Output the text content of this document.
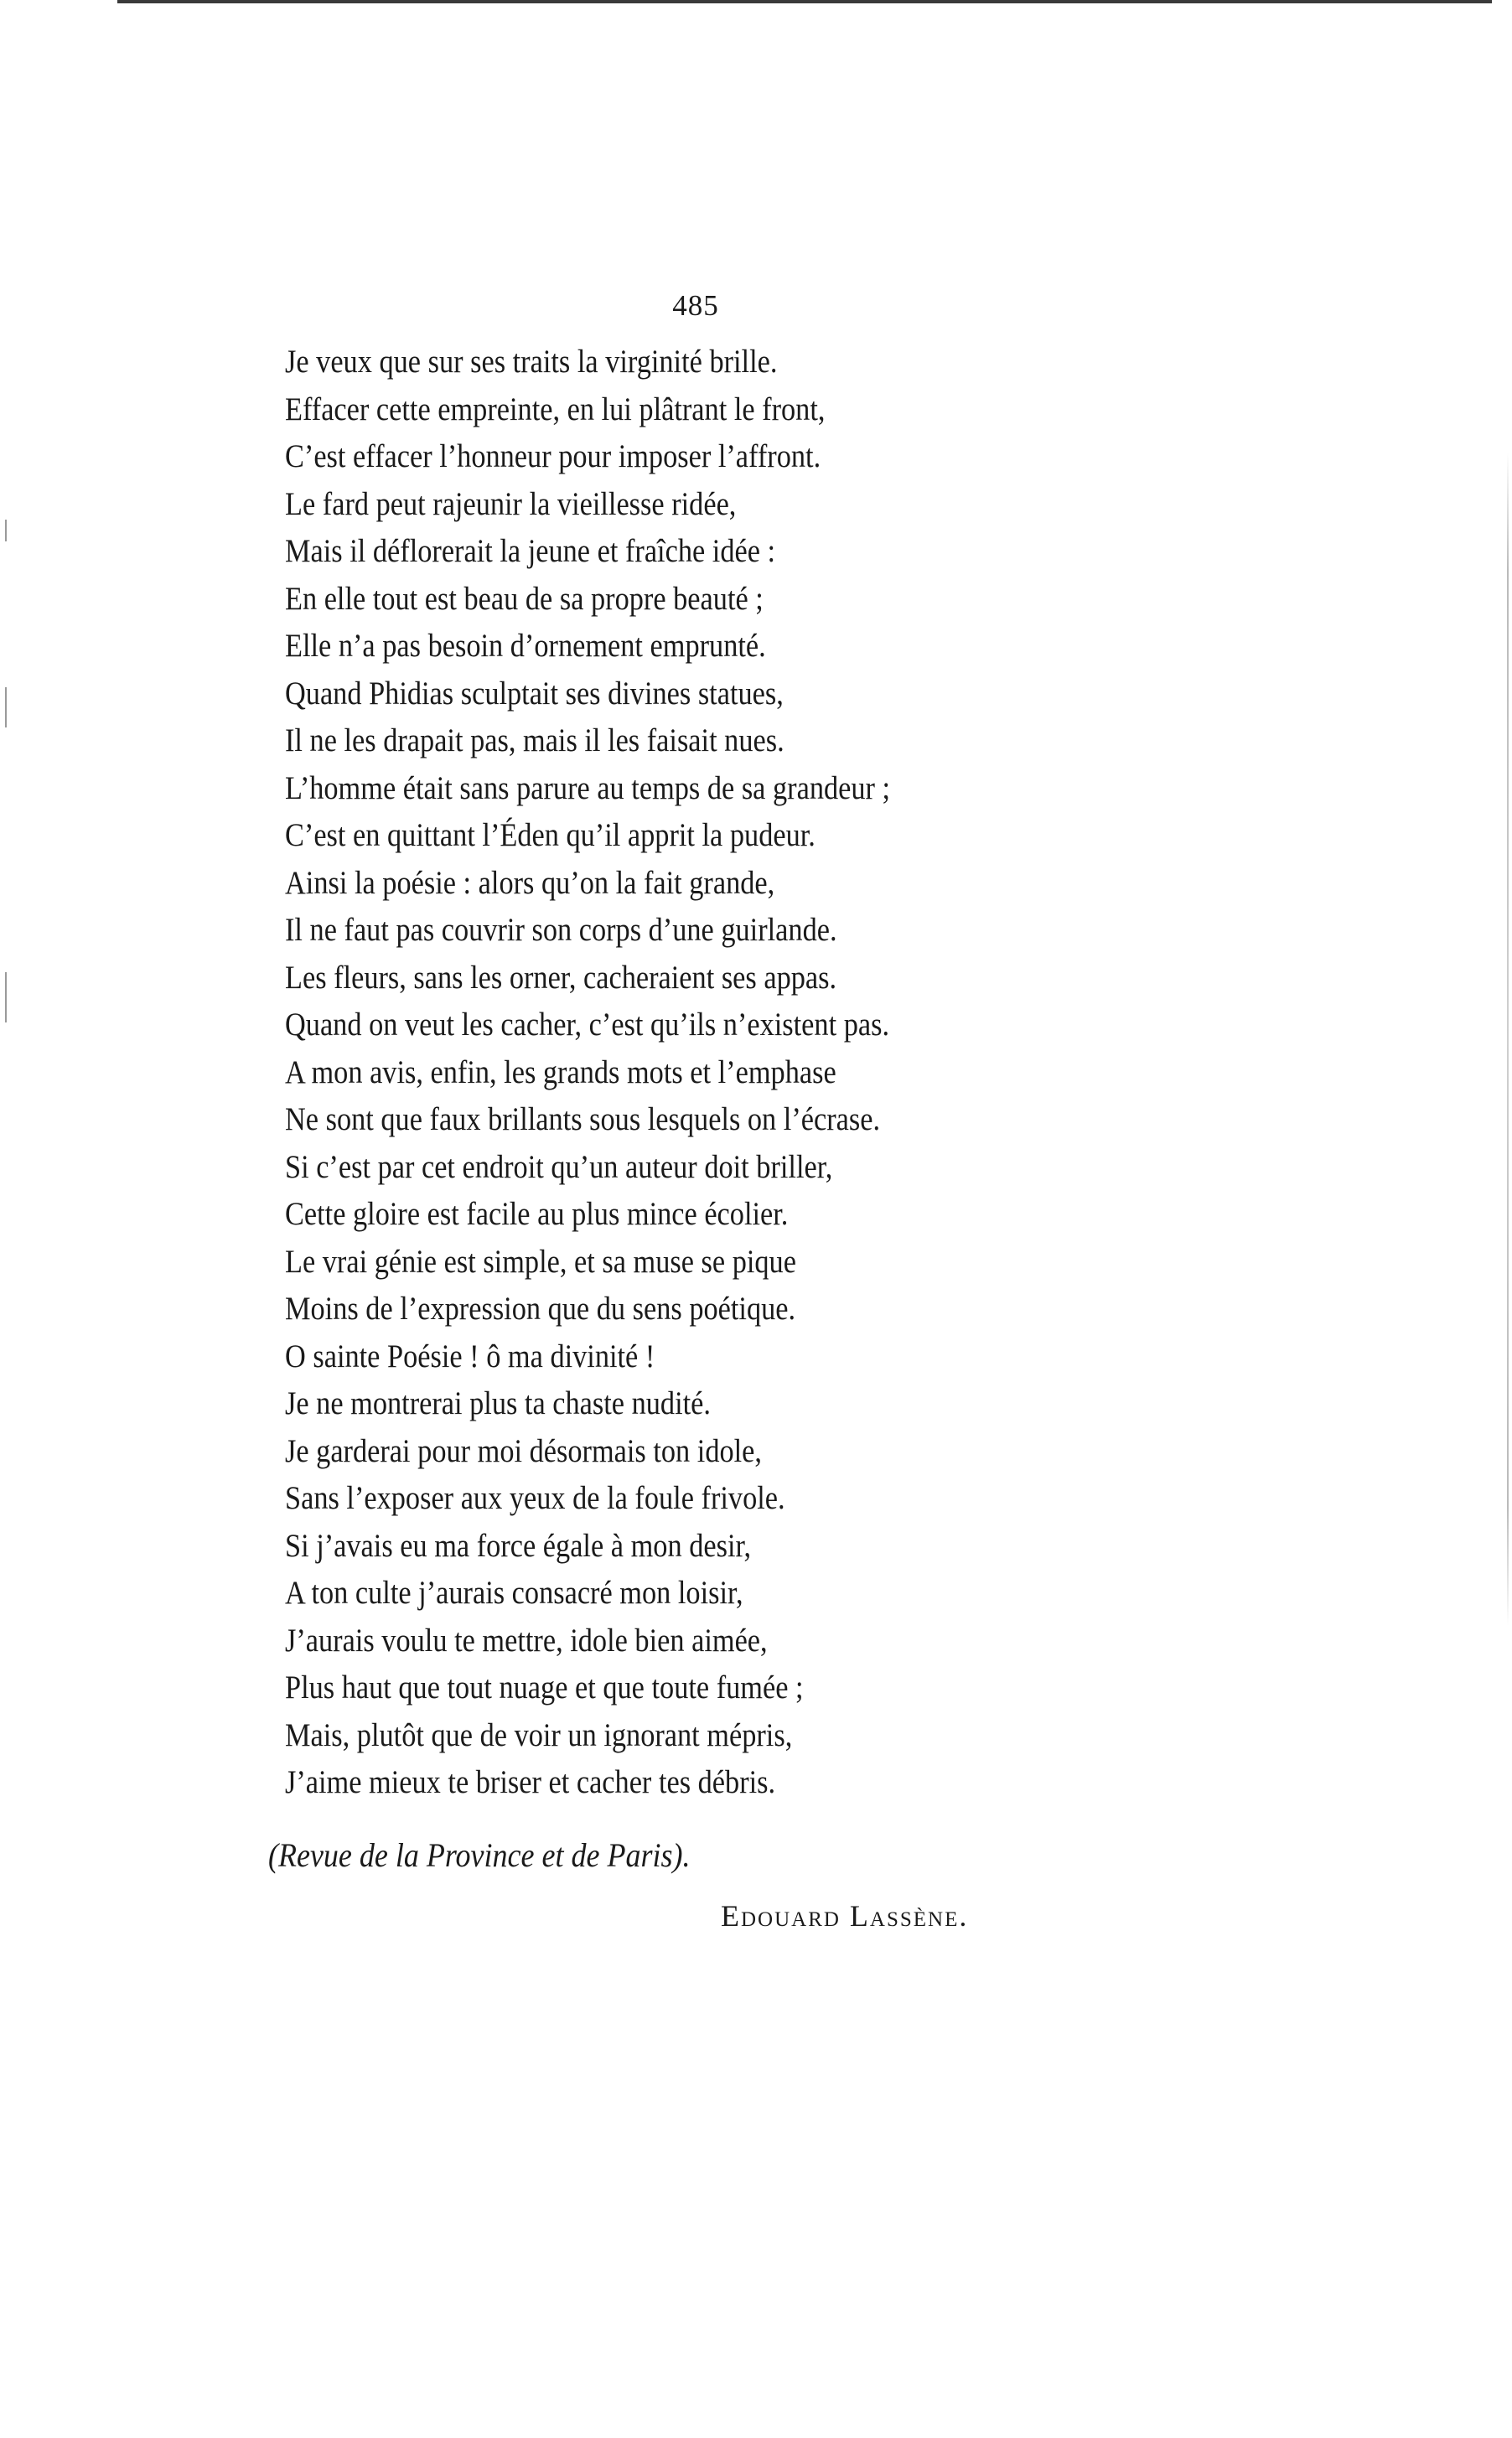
485
Je veux que sur ses traits la virginité brille.
Effacer cette empreinte, en lui plâtrant le front,
C’est effacer l’honneur pour imposer l’affront.
Le fard peut rajeunir la vieillesse ridée,
Mais il déflorerait la jeune et fraîche idée :
En elle tout est beau de sa propre beauté ;
Elle n’a pas besoin d’ornement emprunté.
Quand Phidias sculptait ses divines statues,
Il ne les drapait pas, mais il les faisait nues.
L’homme était sans parure au temps de sa grandeur ;
C’est en quittant l’Éden qu’il apprit la pudeur.
Ainsi la poésie : alors qu’on la fait grande,
Il ne faut pas couvrir son corps d’une guirlande.
Les fleurs, sans les orner, cacheraient ses appas.
Quand on veut les cacher, c’est qu’ils n’existent pas.
A mon avis, enfin, les grands mots et l’emphase
Ne sont que faux brillants sous lesquels on l’écrase.
Si c’est par cet endroit qu’un auteur doit briller,
Cette gloire est facile au plus mince écolier.
Le vrai génie est simple, et sa muse se pique
Moins de l’expression que du sens poétique.
O sainte Poésie ! ô ma divinité !
Je ne montrerai plus ta chaste nudité.
Je garderai pour moi désormais ton idole,
Sans l’exposer aux yeux de la foule frivole.
Si j’avais eu ma force égale à mon desir,
A ton culte j’aurais consacré mon loisir,
J’aurais voulu te mettre, idole bien aimée,
Plus haut que tout nuage et que toute fumée ;
Mais, plutôt que de voir un ignorant mépris,
J’aime mieux te briser et cacher tes débris.
(Revue de la Province et de Paris).
Edouard Lassène.
